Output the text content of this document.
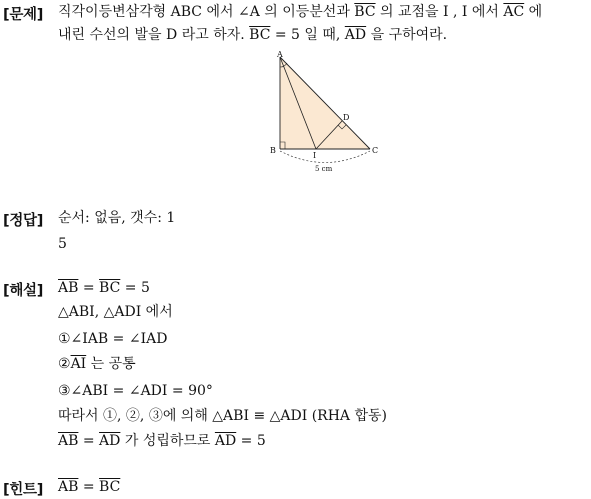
[문제] 직각이등변삼각형 ABC 에서 ∠A 의 이등분선과 $\overline{BC}$ 의 교점을 I , I 에서 $\overline{AC}$ 에
내린 수선의 발을 D 라고 하자. $\overline{BC} = 5$ 일 때, $\overline{AD}$ 을 구하여라.
A
B	C
D
I
5 cm
[정답] 순서: 없음, 갯수: 1
5
[해설] $\overline{AB} = \overline{BC} = 5$
△ABI, △ADI 에서
①∠IAB = ∠IAD
$②\overline{AI}$ 는 공통
③∠ABI = ∠ADI = 90°
따라서 ①, ②, ③에 의해 △ABI ≡ △ADI (RHA 합동)
$\overline{AB} = \overline{AD}$ 가 성립하므로 $\overline{AD} = 5$
[힌트] $\overline{AB} = \overline{BC}$
